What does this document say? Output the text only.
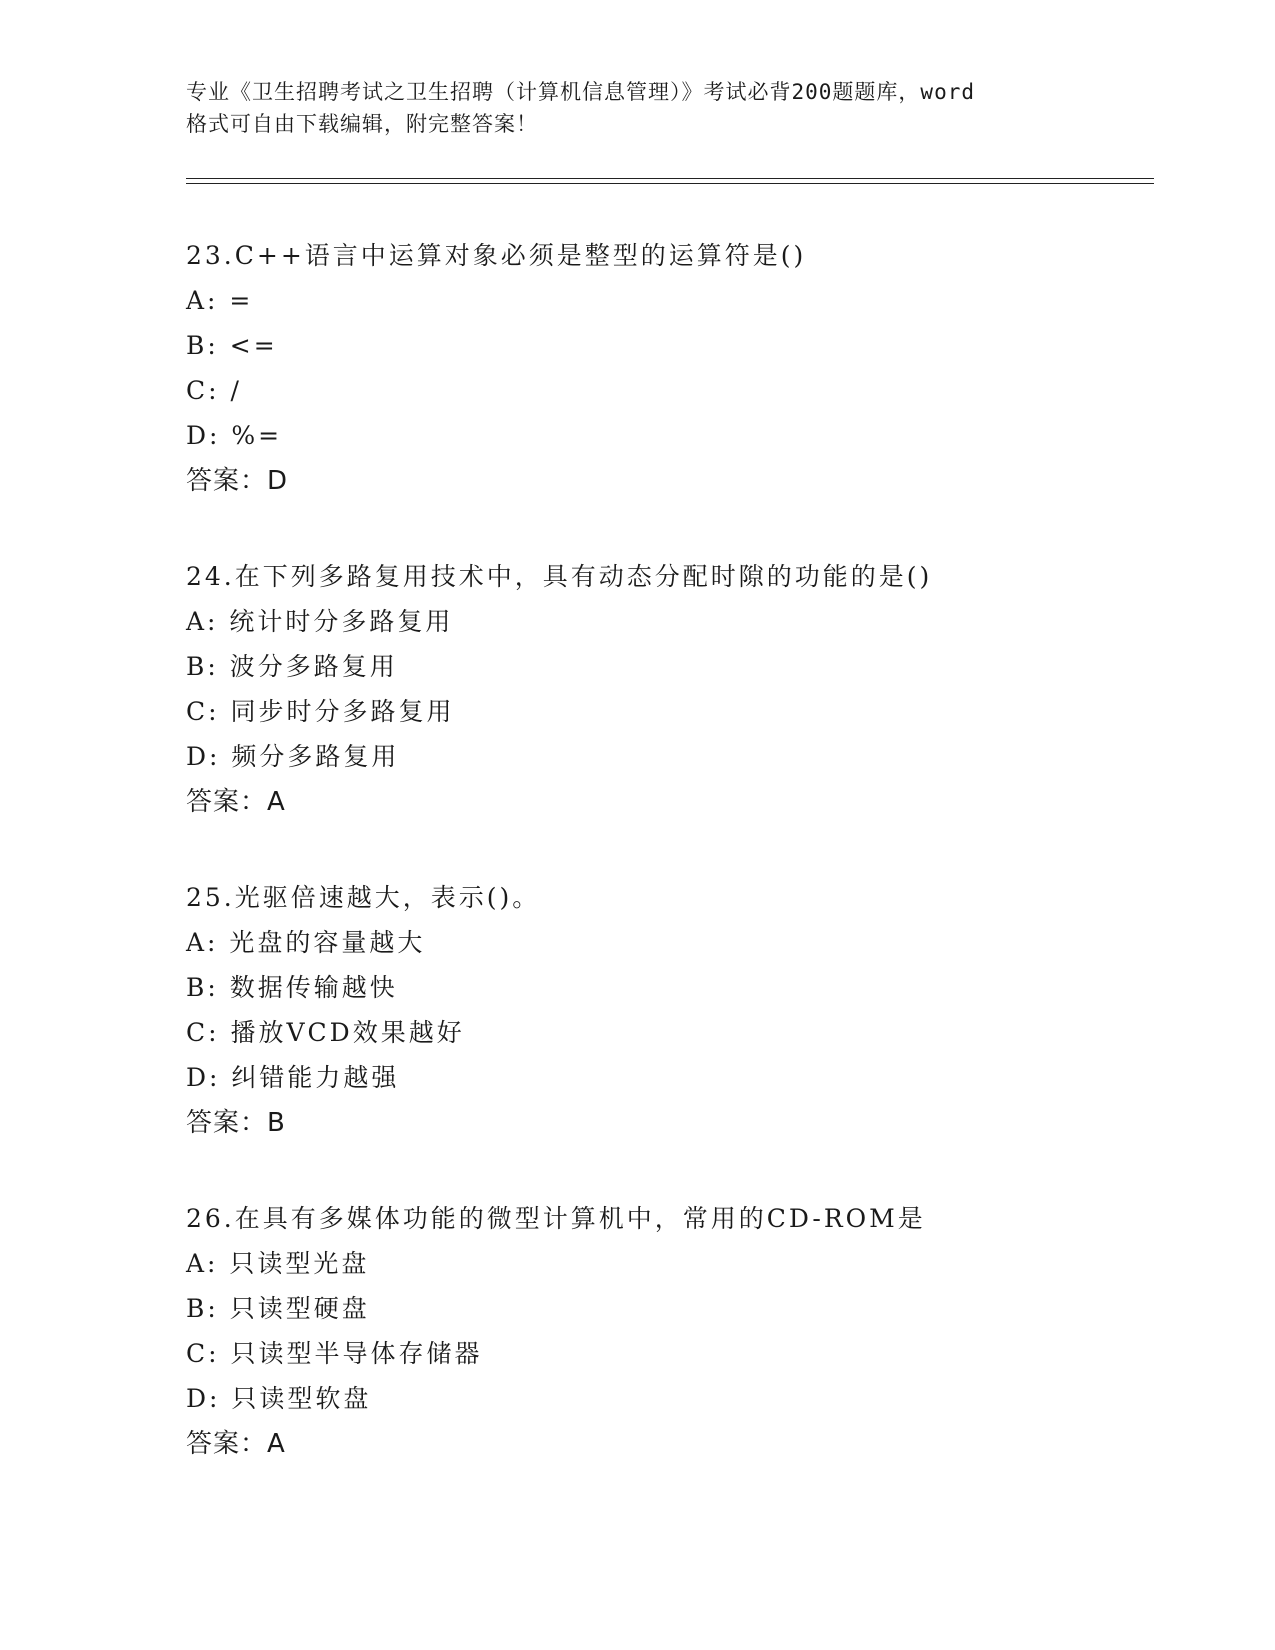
专业《卫生招聘考试之卫生招聘（计算机信息管理）》考试必背200题题库，word
格式可自由下载编辑，附完整答案！
23.C++语言中运算对象必须是整型的运算符是()
A: =
B: <=
C: /
D: %=
答案：D
24.在下列多路复用技术中，具有动态分配时隙的功能的是()
A: 统计时分多路复用
B: 波分多路复用
C: 同步时分多路复用
D: 频分多路复用
答案：A
25.光驱倍速越大，表示()。
A: 光盘的容量越大
B: 数据传输越快
C: 播放VCD效果越好
D: 纠错能力越强
答案：B
26.在具有多媒体功能的微型计算机中，常用的CD-ROM是
A: 只读型光盘
B: 只读型硬盘
C: 只读型半导体存储器
D: 只读型软盘
答案：A
